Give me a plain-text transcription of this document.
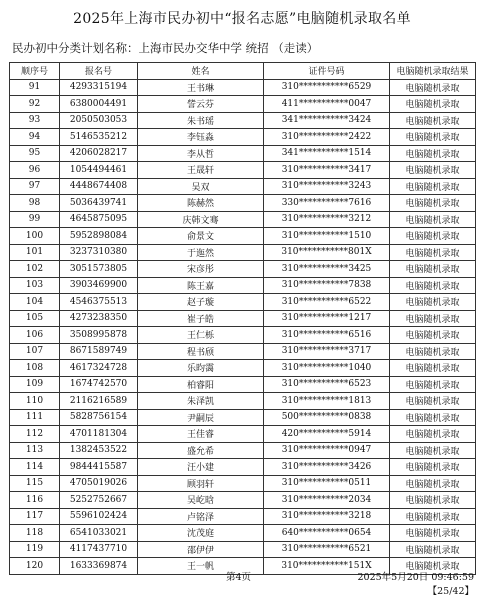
2025年上海市民办初中“报名志愿”电脑随机录取名单
民办初中分类计划名称：上海市民办交华中学 统招 （走读）
顺序号	报名号	姓名	证件号码	电脑随机录取结果
91	4293315194	王书琳	310***********6529	电脑随机录取
92	6380004491	訾云芬	411***********0047	电脑随机录取
93	2050503053	朱书瑶	341***********3424	电脑随机录取
94	5146535212	李钰淼	310***********2422	电脑随机录取
95	4206028217	李从哲	341***********1514	电脑随机录取
96	1054494461	王晟轩	310***********3417	电脑随机录取
97	4448674408	吴双	310***********3243	电脑随机录取
98	5036439741	陈赫然	330***********7616	电脑随机录取
99	4645875095	庆韩文骞	310***********3212	电脑随机录取
100	5952898084	俞景文	310***********1510	电脑随机录取
101	3237310380	于迤然	310***********801X	电脑随机录取
102	3051573805	宋彦彤	310***********3425	电脑随机录取
103	3903469900	陈王嘉	310***********7838	电脑随机录取
104	4546375513	赵子璇	310***********6522	电脑随机录取
105	4273238350	崔子皓	310***********1217	电脑随机录取
106	3508995878	王仁栎	310***********6516	电脑随机录取
107	8671589749	程书颀	310***********3717	电脑随机录取
108	4617324728	乐昀霭	310***********1040	电脑随机录取
109	1674742570	柏睿阳	310***********6523	电脑随机录取
110	2116216589	朱泽凯	310***********1813	电脑随机录取
111	5828756154	尹嗣辰	500***********0838	电脑随机录取
112	4701181304	王佳睿	420***********5914	电脑随机录取
113	1382453522	盛允希	310***********0947	电脑随机录取
114	9844415587	汪小建	310***********3426	电脑随机录取
115	4705019026	顾羽轩	310***********0511	电脑随机录取
116	5252752667	吴屹晗	310***********2034	电脑随机录取
117	5596102424	卢铭泽	310***********3218	电脑随机录取
118	6541033021	沈茂庭	640***********0654	电脑随机录取
119	4117437710	邵伊伊	310***********6521	电脑随机录取
120	1633369874	王一帆	310***********151X	电脑随机录取
第4页	2025年5月20日 09:46:59
【25/42】
